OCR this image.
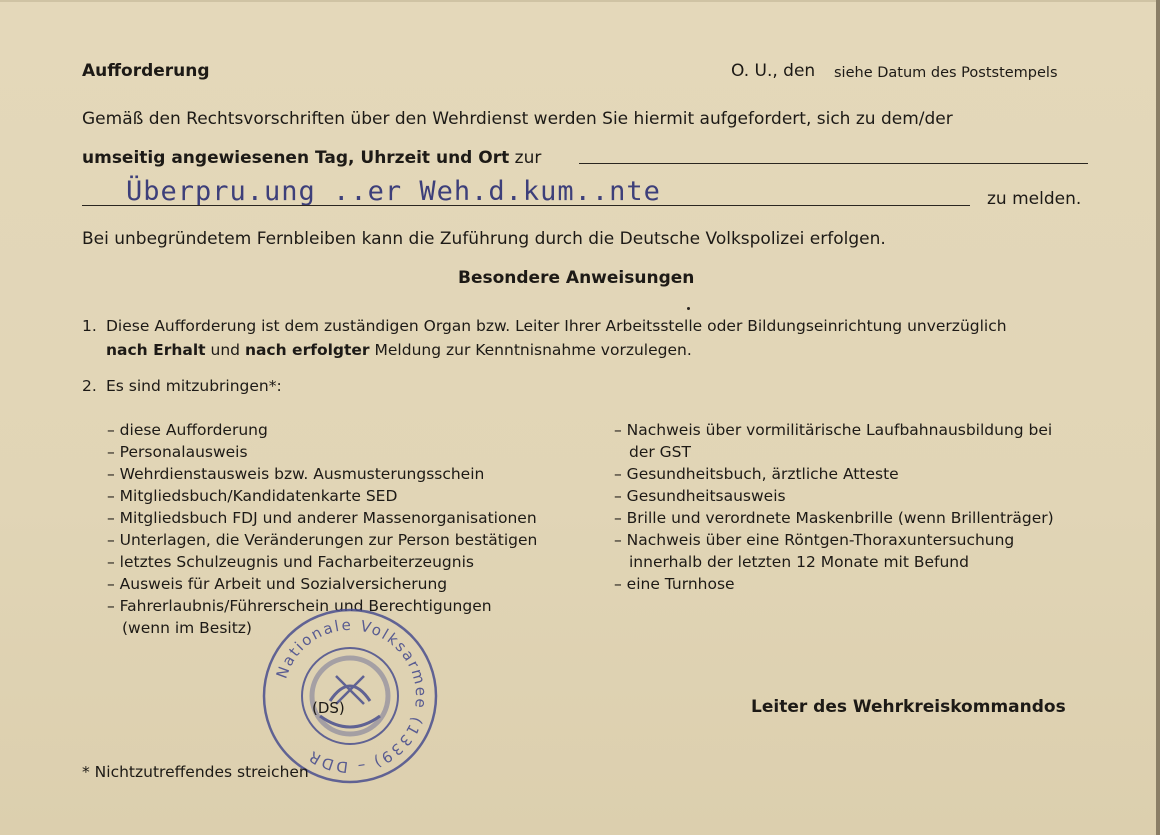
Aufforderung	O. U., den siehe Datum des Poststempels
Gemäß den Rechtsvorschriften über den Wehrdienst werden Sie hiermit aufgefordert, sich zu dem/der
umseitig angewiesenen Tag, Uhrzeit und Ort zur
Überpru.ung ..er Weh.d.kum..nte	zu melden.
Bei unbegründetem Fernbleiben kann die Zuführung durch die Deutsche Volkspolizei erfolgen.
Besondere Anweisungen
1. Diese Aufforderung ist dem zuständigen Organ bzw. Leiter Ihrer Arbeitsstelle oder Bildungseinrichtung unverzüglich
nach Erhalt und nach erfolgter Meldung zur Kenntnisnahme vorzulegen.
2. Es sind mitzubringen*:
– diese Aufforderung
– Personalausweis
– Wehrdienstausweis bzw. Ausmusterungsschein
– Mitgliedsbuch/Kandidatenkarte SED
– Mitgliedsbuch FDJ und anderer Massenorganisationen
– Unterlagen, die Veränderungen zur Person bestätigen
– letztes Schulzeugnis und Facharbeiterzeugnis
– Ausweis für Arbeit und Sozialversicherung
– Fahrerlaubnis/Führerschein und Berechtigungen
(wenn im Besitz)
– Nachweis über vormilitärische Laufbahnausbildung bei
der GST
– Gesundheitsbuch, ärztliche Atteste
– Gesundheitsausweis
– Brille und verordnete Maskenbrille (wenn Brillenträger)
– Nachweis über eine Röntgen-Thoraxuntersuchung
innerhalb der letzten 12 Monate mit Befund
– eine Turnhose
Nationale Volksarmee (1339) – DDR
(DS)	Leiter des Wehrkreiskommandos
* Nichtzutreffendes streichen
